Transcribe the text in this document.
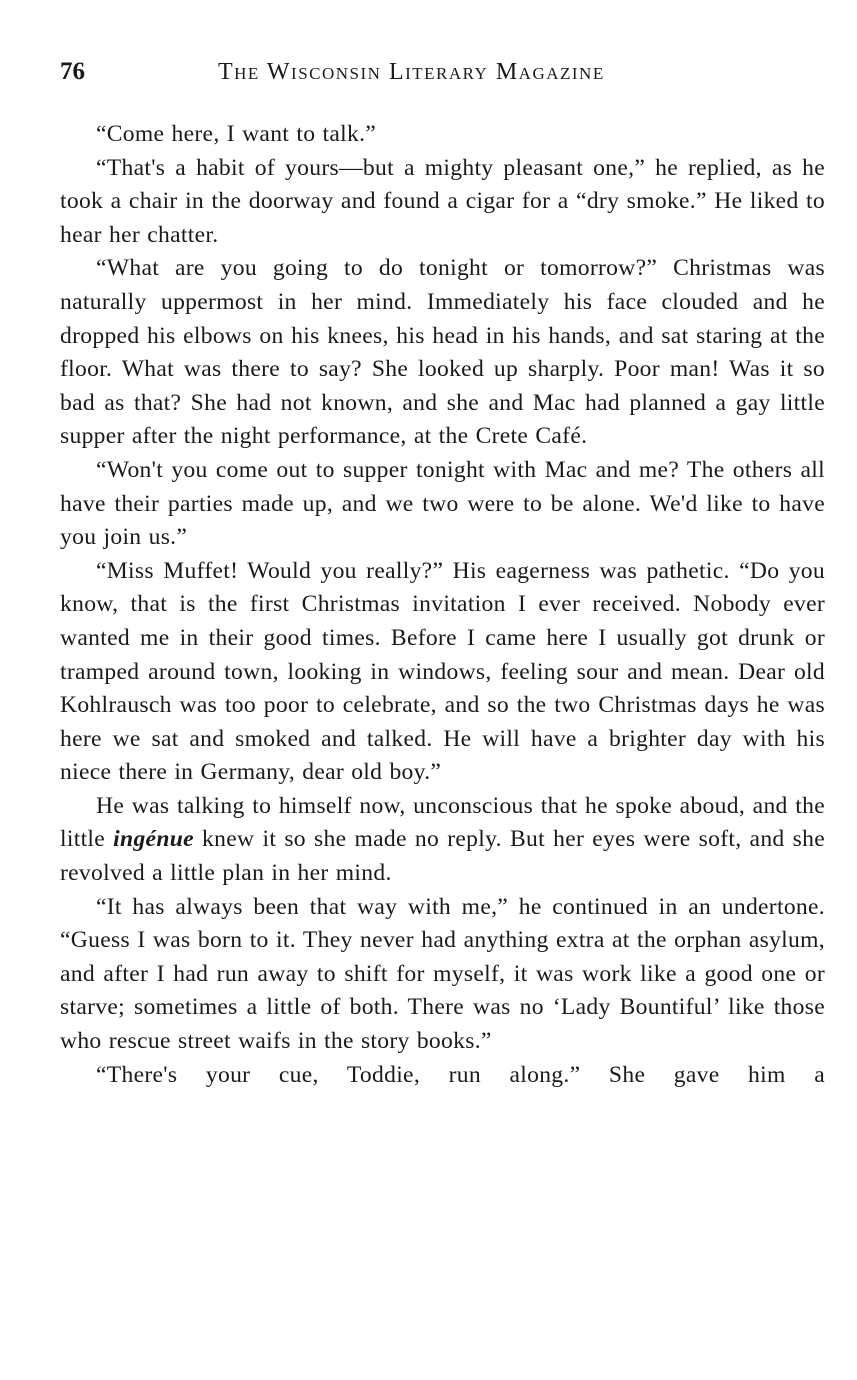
76	The Wisconsin Literary Magazine

“Come here, I want to talk.”

“That's a habit of yours—but a mighty pleasant one,” he replied, as he took a chair in the doorway and found a cigar for a “dry smoke.” He liked to hear her chatter.

“What are you going to do tonight or tomorrow?” Christmas was naturally uppermost in her mind. Immediately his face clouded and he dropped his elbows on his knees, his head in his hands, and sat staring at the floor. What was there to say? She looked up sharply. Poor man! Was it so bad as that? She had not known, and she and Mac had planned a gay little supper after the night performance, at the Crete Café.

“Won't you come out to supper tonight with Mac and me? The others all have their parties made up, and we two were to be alone. We'd like to have you join us.”

“Miss Muffet! Would you really?” His eagerness was pathetic. “Do you know, that is the first Christmas invitation I ever received. Nobody ever wanted me in their good times. Before I came here I usually got drunk or tramped around town, looking in windows, feeling sour and mean. Dear old Kohlrausch was too poor to celebrate, and so the two Christmas days he was here we sat and smoked and talked. He will have a brighter day with his niece there in Germany, dear old boy.”

He was talking to himself now, unconscious that he spoke aboud, and the little ingénue knew it so she made no reply. But her eyes were soft, and she revolved a little plan in her mind.

“It has always been that way with me,” he continued in an undertone. “Guess I was born to it. They never had anything extra at the orphan asylum, and after I had run away to shift for myself, it was work like a good one or starve; sometimes a little of both. There was no ‘Lady Bountiful’ like those who rescue street waifs in the story books.”

“There's your cue, Toddie, run along.” She gave him a
